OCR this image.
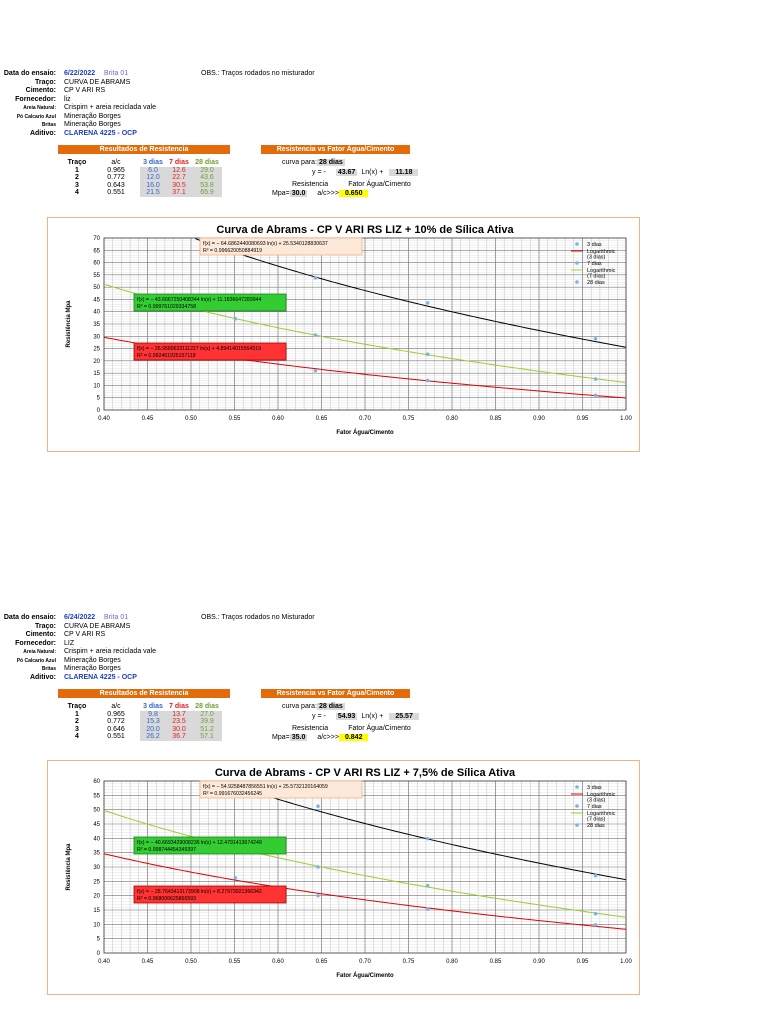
Data do ensaio:	6/22/2022	Brita 01
Traço:	CURVA DE ABRAMS
Cimento:	CP V ARI RS
Fornecedor:	liz
Areia Natural:	Crispim + areia reciclada vale
Pó Calcario Azul	Mineração Borges
Britas	Mineração Borges
Aditivo:	CLARENA 4225 - OCP
OBS.: Traços rodados no misturador
Resultados de Resistencia	Resistencia vs Fator Água/Cimento
Traço	a/c	3 dias	7 dias	28 dias
1	0.965	6.0	12.6	29.0
2	0.772	12.0	22.7	43.6
3	0.643	16.0	30.5	53.8
4	0.551	21.5	37.1	65.9
curva para: 28 dias
y = - 43.67 Ln(x) + 11.18
Resistencia	Fator Água/Cimento
Mpa= 30.0 a/c>>> 0.650
Curva de Abrams - CP V ARI RS LIZ + 10% de Sílica Ativa
0
5
10
15
20
25
30
35
40
45
50
55
60
65
70
0.40	0.45	0.50	0.55	0.60	0.65	0.70	0.75	0.80	0.85	0.90	0.95	1.00
Fator Água/Cimento
Resistência Mpa
f(x) = − 64.6862440080693 ln(x) + 25.5340128830637
R² = 0.996620050884919
f(x) = − 43.6667250408344 ln(x) + 11.1836647289944
R² = 0.999761029334758
f(x) = − 26.9589633111227 ln(x) + 4.89414015564519
R² = 0.992461925157118
3 dias
Logarithmic (3 dias)
7 dias
Logarithmic (7 dias)
28 dias
Data do ensaio:	6/24/2022	Brita 01
Traço:	CURVA DE ABRAMS
Cimento:	CP V ARI RS
Fornecedor:	LIZ
Areia Natural:	Crispim + areia reciclada vale
Pó Calcario Azul	Mineração Borges
Britas	Mineração Borges
Aditivo:	CLARENA 4225 - OCP
OBS.: Traços rodados no Misturador
Resultados de Resistencia	Resistencia vs Fator Água/Cimento
Traço	a/c	3 dias	7 dias	28 dias
1	0.965	9.8	13.7	27.0
2	0.772	15.3	23.5	39.9
3	0.646	20.0	30.0	51.2
4	0.551	26.2	36.7	57.1
curva para: 28 dias
y = - 54.93 Ln(x) + 25.57
Resistencia	Fator Água/Cimento
Mpa= 35.0 a/c>>> 0.842
Curva de Abrams - CP V ARI RS LIZ + 7,5% de Sílica Ativa
0
5
10
15
20
25
30
35
40
45
50
55
60
0.40	0.45	0.50	0.55	0.60	0.65	0.70	0.75	0.80	0.85	0.90	0.95	1.00
Fator Água/Cimento
Resistência Mpa
f(x) = − 54.9258487856551 ln(x) + 25.5732120164059
R² = 0.991676032456245
f(x) = − 40.6693429008236 ln(x) + 12.4791413674249
R² = 0.998744454349397
f(x) = − 28.7643413173908 ln(x) + 8.27973921366342
R² = 0.968006625866593
3 dias
Logarithmic (3 dias)
7 dias
Logarithmic (7 dias)
28 dias
